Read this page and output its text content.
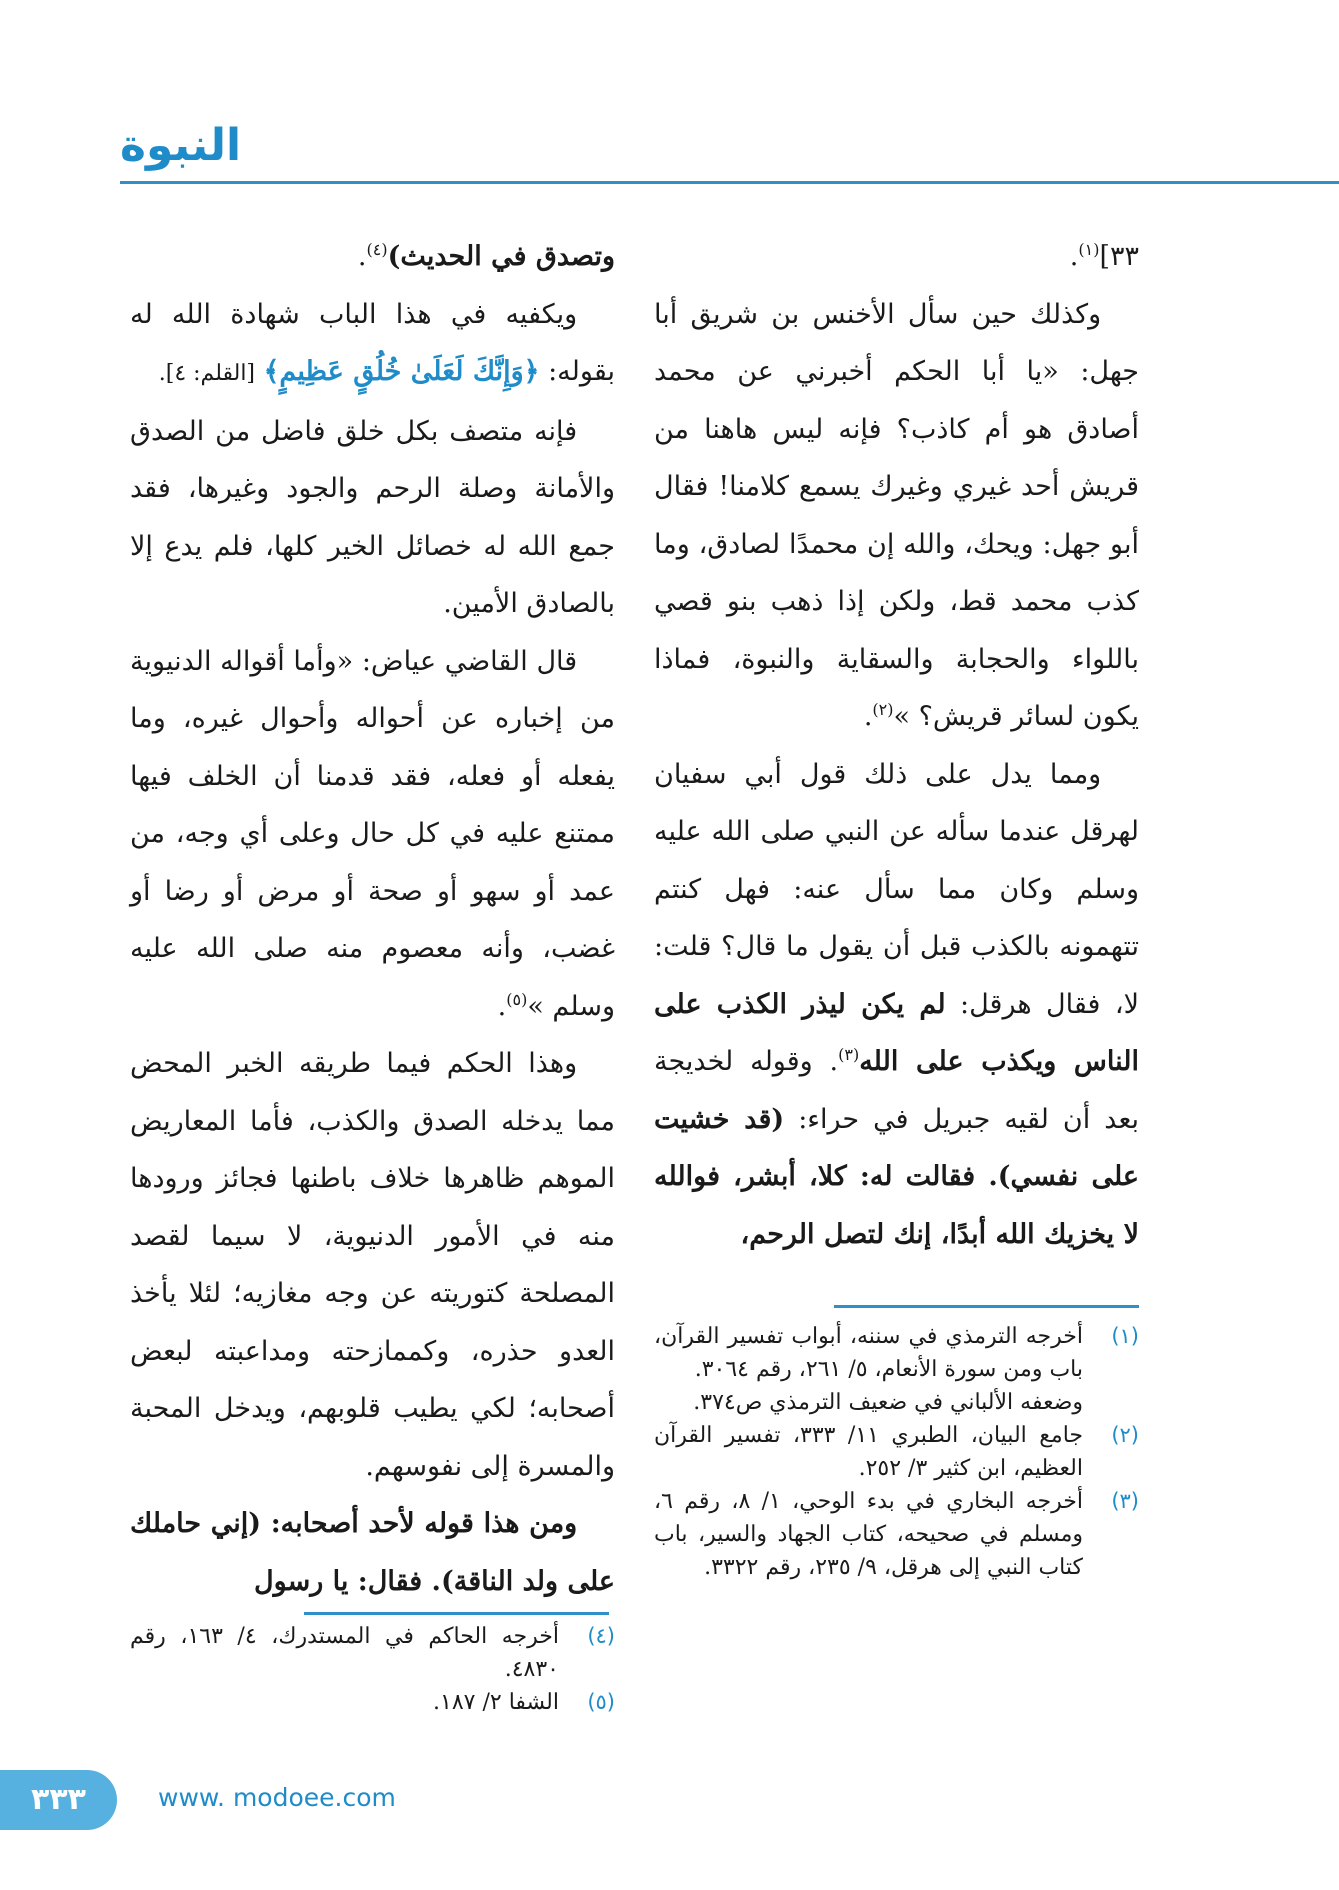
النبوة

٣٣]$^{(١)}$.

وكذلك حين سأل الأخنس بن شريق أبا جهل: «يا أبا الحكم أخبرني عن محمد أصادق هو أم كاذب؟ فإنه ليس هاهنا من قريش أحد غيري وغيرك يسمع كلامنا! فقال أبو جهل: ويحك، والله إن محمدًا لصادق، وما كذب محمد قط، ولكن إذا ذهب بنو قصي باللواء والحجابة والسقاية والنبوة، فماذا يكون لسائر قريش؟ »$^{(٢)}$.

ومما يدل على ذلك قول أبي سفيان لهرقل عندما سأله عن النبي صلى الله عليه وسلم وكان مما سأل عنه: فهل كنتم تتهمونه بالكذب قبل أن يقول ما قال؟ قلت: لا، فقال هرقل: لم يكن ليذر الكذب على الناس ويكذب على الله$^{(٣)}$. وقوله لخديجة بعد أن لقيه جبريل في حراء: (قد خشيت على نفسي). فقالت له: كلا، أبشر، فوالله لا يخزيك الله أبدًا، إنك لتصل الرحم،

وتصدق في الحديث)$^{(٤)}$.

ويكفيه في هذا الباب شهادة الله له بقوله: ﴿وَإِنَّكَ لَعَلَىٰ خُلُقٍ عَظِيمٍ﴾ [القلم: ٤].

فإنه متصف بكل خلق فاضل من الصدق والأمانة وصلة الرحم والجود وغيرها، فقد جمع الله له خصائل الخير كلها، فلم يدع إلا بالصادق الأمين.

قال القاضي عياض: «وأما أقواله الدنيوية من إخباره عن أحواله وأحوال غيره، وما يفعله أو فعله، فقد قدمنا أن الخلف فيها ممتنع عليه في كل حال وعلى أي وجه، من عمد أو سهو أو صحة أو مرض أو رضا أو غضب، وأنه معصوم منه صلى الله عليه وسلم »$^{(٥)}$.

وهذا الحكم فيما طريقه الخبر المحض مما يدخله الصدق والكذب، فأما المعاريض الموهم ظاهرها خلاف باطنها فجائز ورودها منه في الأمور الدنيوية، لا سيما لقصد المصلحة كتوريته عن وجه مغازيه؛ لئلا يأخذ العدو حذره، وكممازحته ومداعبته لبعض أصحابه؛ لكي يطيب قلوبهم، ويدخل المحبة والمسرة إلى نفوسهم.

ومن هذا قوله لأحد أصحابه: (إني حاملك على ولد الناقة). فقال: يا رسول

(١)

أخرجه الترمذي في سننه، أبواب تفسير القرآن، باب ومن سورة الأنعام، ٥/ ٢٦١، رقم ٣٠٦٤.

وضعفه الألباني في ضعيف الترمذي ص٣٧٤.

(٢)
جامع البيان، الطبري ١١/ ٣٣٣، تفسير القرآن العظيم، ابن كثير ٣/ ٢٥٢.
(٣)
أخرجه البخاري في بدء الوحي، ١/ ٨، رقم ٦، ومسلم في صحيحه، كتاب الجهاد والسير، باب كتاب النبي إلى هرقل، ٩/ ٢٣٥، رقم ٣٣٢٢.
(٤)
أخرجه الحاكم في المستدرك، ٤/ ١٦٣، رقم ٤٨٣٠.
(٥)
الشفا ٢/ ١٨٧.
٣٣٣	www. modoee.com
